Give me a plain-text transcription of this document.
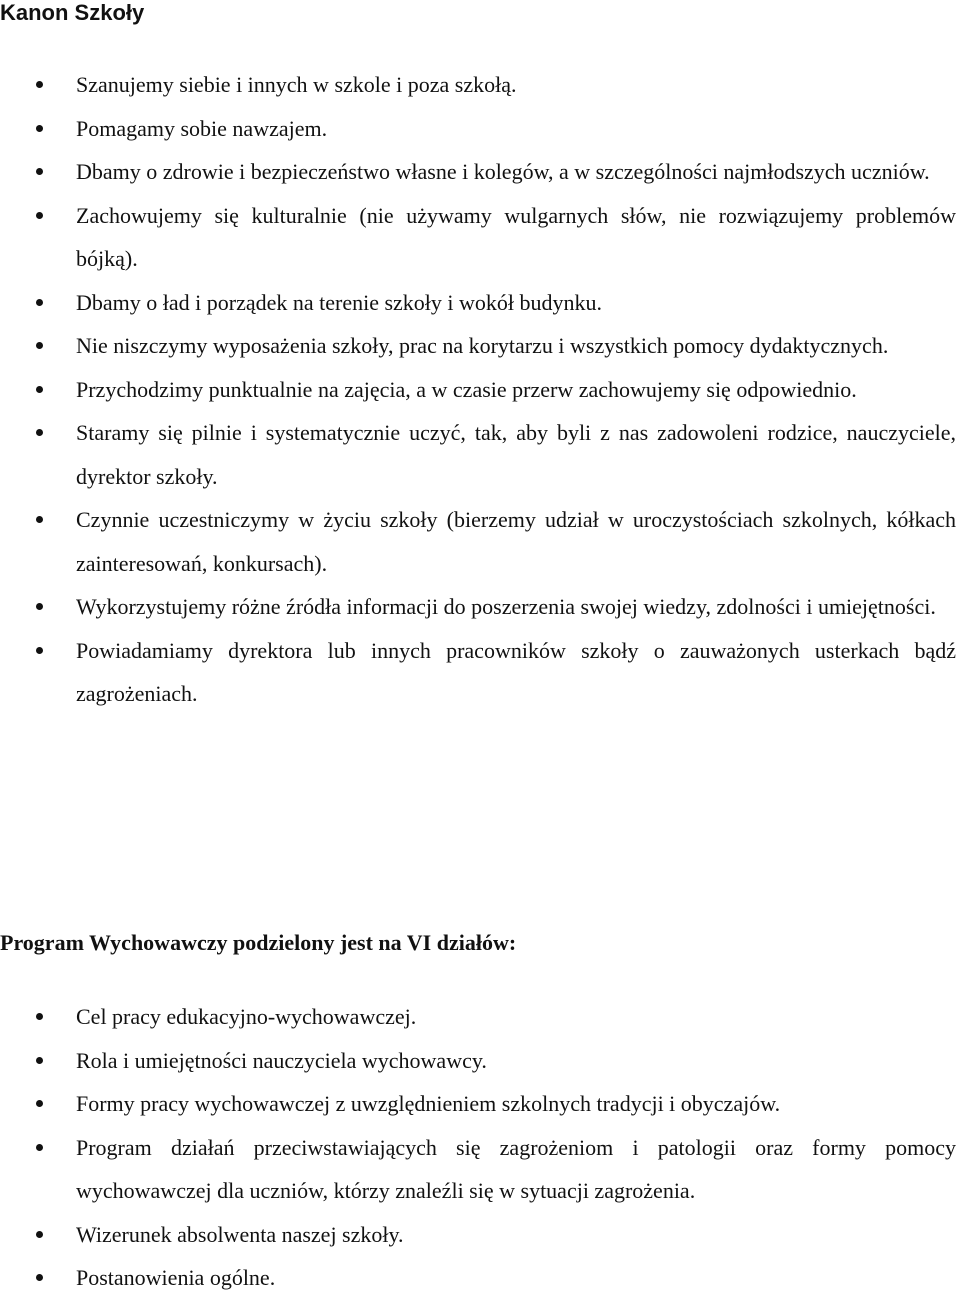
Kanon Szkoły
Szanujemy siebie i innych w szkole i poza szkołą.
Pomagamy sobie nawzajem.
Dbamy o zdrowie i bezpieczeństwo własne i kolegów, a w szczególności najmłodszych uczniów.
Zachowujemy się kulturalnie (nie używamy wulgarnych słów, nie rozwiązujemy problemów bójką).
Dbamy o ład i porządek na terenie szkoły i wokół budynku.
Nie niszczymy wyposażenia szkoły, prac na korytarzu i wszystkich pomocy dydaktycznych.
Przychodzimy punktualnie na zajęcia, a w czasie przerw zachowujemy się odpowiednio.
Staramy się pilnie i systematycznie uczyć, tak, aby byli z nas zadowoleni rodzice, nauczyciele, dyrektor szkoły.
Czynnie uczestniczymy w życiu szkoły (bierzemy udział w uroczystościach szkolnych, kółkach zainteresowań, konkursach).
Wykorzystujemy różne źródła informacji do poszerzenia swojej wiedzy, zdolności i umiejętności.
Powiadamiamy dyrektora lub innych pracowników szkoły o zauważonych usterkach bądź zagrożeniach.
Program Wychowawczy podzielony jest na VI działów:
Cel pracy edukacyjno-wychowawczej.
Rola i umiejętności nauczyciela wychowawcy.
Formy pracy wychowawczej z uwzględnieniem szkolnych tradycji i obyczajów.
Program działań przeciwstawiających się zagrożeniom i patologii oraz formy pomocy wychowawczej dla uczniów, którzy znaleźli się w sytuacji zagrożenia.
Wizerunek absolwenta naszej szkoły.
Postanowienia ogólne.
